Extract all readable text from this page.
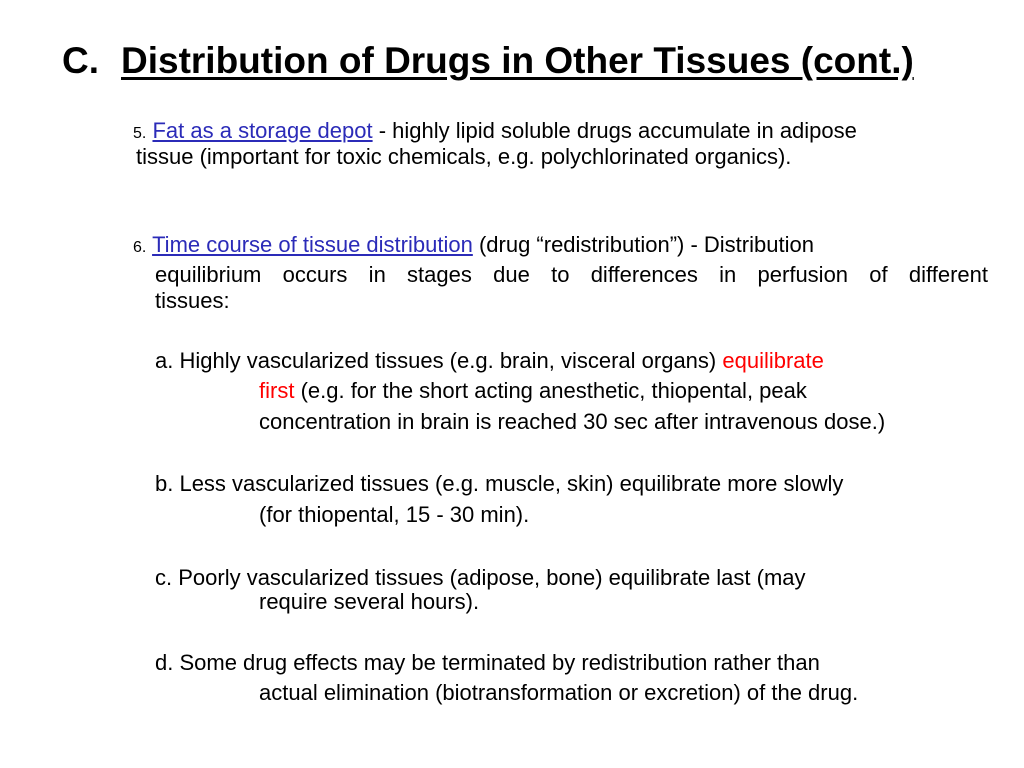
C. Distribution of Drugs in Other Tissues (cont.)
5. Fat as a storage depot - highly lipid soluble drugs accumulate in adipose
tissue (important for toxic chemicals, e.g. polychlorinated organics).
6. Time course of tissue distribution (drug “redistribution”) - Distribution
equilibrium occurs in stages due to differences in perfusion of different
tissues:
a. Highly vascularized tissues (e.g. brain, visceral organs) equilibrate
first (e.g. for the short acting anesthetic, thiopental, peak
concentration in brain is reached 30 sec after intravenous dose.)
b. Less vascularized tissues (e.g. muscle, skin) equilibrate more slowly
(for thiopental, 15 - 30 min).
c. Poorly vascularized tissues (adipose, bone) equilibrate last (may
require several hours).
d. Some drug effects may be terminated by redistribution rather than
actual elimination (biotransformation or excretion) of the drug.
